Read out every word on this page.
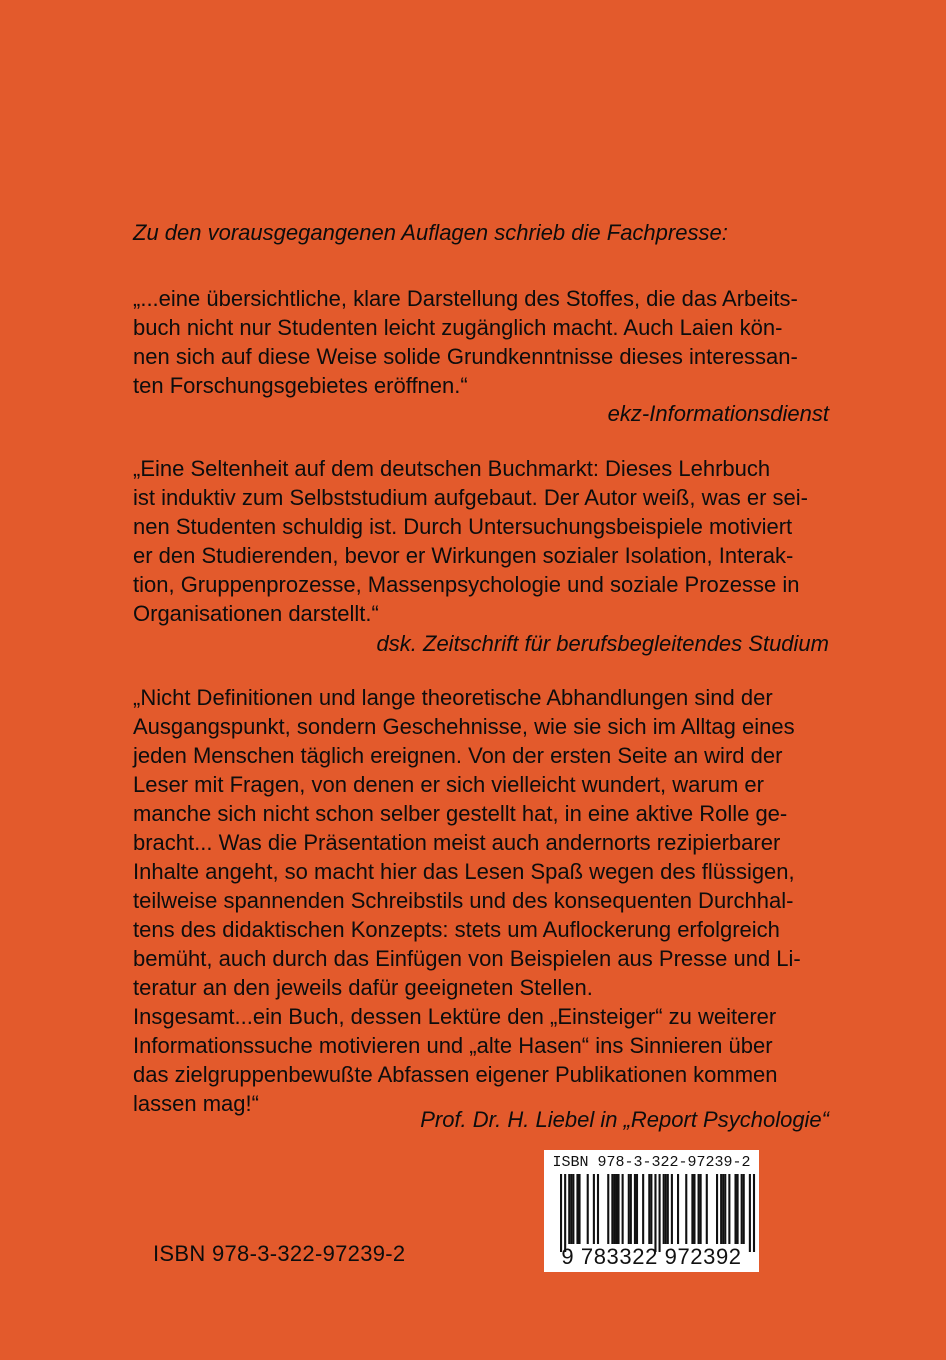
Zu den vorausgegangenen Auflagen schrieb die Fachpresse:

„...eine übersichtliche, klare Darstellung des Stoffes, die das Arbeits-

buch nicht nur Studenten leicht zugänglich macht. Auch Laien kön-

nen sich auf diese Weise solide Grundkenntnisse dieses interessan-

ten Forschungsgebietes eröffnen.“

ekz-Informationsdienst

„Eine Seltenheit auf dem deutschen Buchmarkt: Dieses Lehrbuch

ist induktiv zum Selbststudium aufgebaut. Der Autor weiß, was er sei-

nen Studenten schuldig ist. Durch Untersuchungsbeispiele motiviert

er den Studierenden, bevor er Wirkungen sozialer Isolation, Interak-

tion, Gruppenprozesse, Massenpsychologie und soziale Prozesse in

Organisationen darstellt.“

dsk. Zeitschrift für berufsbegleitendes Studium

„Nicht Definitionen und lange theoretische Abhandlungen sind der

Ausgangspunkt, sondern Geschehnisse, wie sie sich im Alltag eines

jeden Menschen täglich ereignen. Von der ersten Seite an wird der

Leser mit Fragen, von denen er sich vielleicht wundert, warum er

manche sich nicht schon selber gestellt hat, in eine aktive Rolle ge-

bracht... Was die Präsentation meist auch andernorts rezipierbarer

Inhalte angeht, so macht hier das Lesen Spaß wegen des flüssigen,

teilweise spannenden Schreibstils und des konsequenten Durchhal-

tens des didaktischen Konzepts: stets um Auflockerung erfolgreich

bemüht, auch durch das Einfügen von Beispielen aus Presse und Li-

teratur an den jeweils dafür geeigneten Stellen.

Insgesamt...ein Buch, dessen Lektüre den „Einsteiger“ zu weiterer

Informationssuche motivieren und „alte Hasen“ ins Sinnieren über

das zielgruppenbewußte Abfassen eigener Publikationen kommen

lassen mag!“

Prof. Dr. H. Liebel in „Report Psychologie“

ISBN 978-3-322-97239-2

ISBN 978-3-322-97239-2
9 783322 972392
